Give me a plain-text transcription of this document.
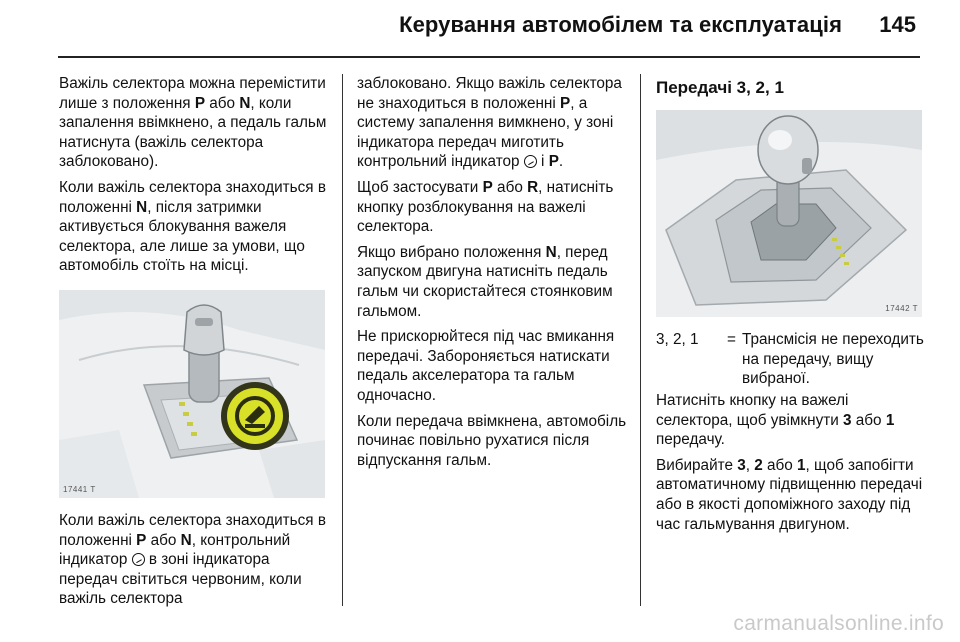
Керування автомобілем та експлуатація 145

Важіль селектора можна перемістити лише з положення P або N, коли запалення ввімкнено, а педаль гальм натиснута (важіль селектора заблоковано).

Коли важіль селектора знаходиться в положенні N, після затримки активується блокування важеля селектора, але лише за умови, що автомобіль стоїть на місці.

17441 T

Коли важіль селектора знаходиться в положенні P або N, контрольний індикатор  в зоні індикатора передач світиться червоним, коли важіль селектора

заблоковано. Якщо важіль селектора не знаходиться в положенні P, а систему запалення вимкнено, у зоні індикатора передач миготить контрольний індикатор  і P.

Щоб застосувати P або R, натисніть кнопку розблокування на важелі селектора.

Якщо вибрано положення N, перед запуском двигуна натисніть педаль гальм чи скористайтеся стоянковим гальмом.

Не прискорюйтеся під час вмикання передачі. Забороняється натискати педаль акселератора та гальм одночасно.

Коли передача ввімкнена, автомобіль починає повільно рухатися після відпускання гальм.

Передачі 3, 2, 1
17442 T
3, 2, 1 = Трансмісія не переходить на передачу, вищу вибраної.

Натисніть кнопку на важелі селектора, щоб увімкнути 3 або 1 передачу.

Вибирайте 3, 2 або 1, щоб запобігти автоматичному підвищенню передачі або в якості допоміжного заходу під час гальмування двигуном.

carmanualsonline.info
